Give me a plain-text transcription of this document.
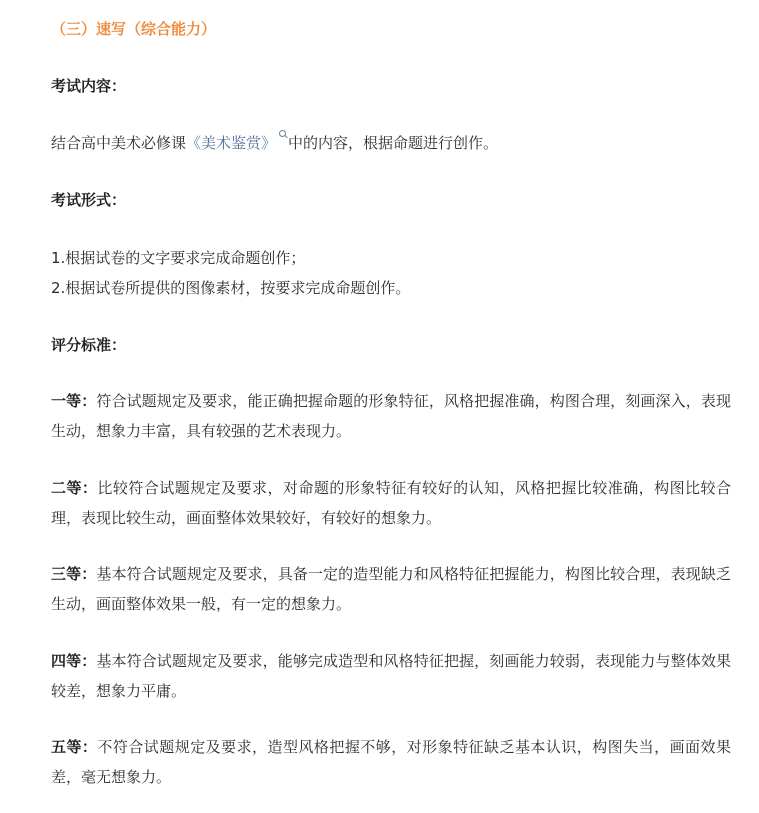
（三）速写（综合能力）
考试内容：
结合高中美术必修课《美术鉴赏》 中的内容，根据命题进行创作。
考试形式：
1.根据试卷的文字要求完成命题创作；
2.根据试卷所提供的图像素材，按要求完成命题创作。
评分标准：
一等：符合试题规定及要求，能正确把握命题的形象特征，风格把握准确，构图合理，刻画深入，表现生动，想象力丰富，具有较强的艺术表现力。
二等：比较符合试题规定及要求，对命题的形象特征有较好的认知，风格把握比较准确，构图比较合理，表现比较生动，画面整体效果较好，有较好的想象力。
三等：基本符合试题规定及要求，具备一定的造型能力和风格特征把握能力，构图比较合理，表现缺乏生动，画面整体效果一般，有一定的想象力。
四等：基本符合试题规定及要求，能够完成造型和风格特征把握，刻画能力较弱，表现能力与整体效果较差，想象力平庸。
五等：不符合试题规定及要求，造型风格把握不够，对形象特征缺乏基本认识，构图失当，画面效果差，毫无想象力。
